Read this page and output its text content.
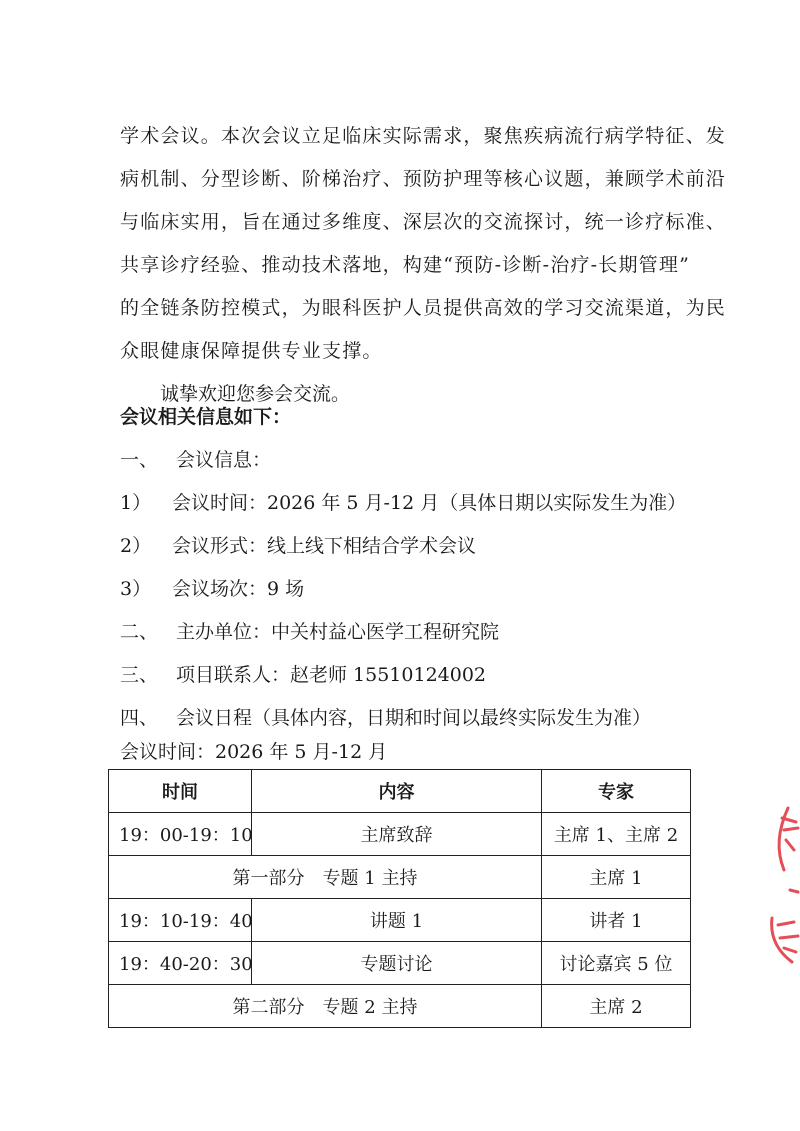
学术会议。本次会议立足临床实际需求，聚焦疾病流行病学特征、发
病机制、分型诊断、阶梯治疗、预防护理等核心议题，兼顾学术前沿
与临床实用，旨在通过多维度、深层次的交流探讨，统一诊疗标准、
共享诊疗经验、推动技术落地，构建“预防-诊断-治疗-长期管理”
的全链条防控模式，为眼科医护人员提供高效的学习交流渠道，为民
众眼健康保障提供专业支撑。
诚挚欢迎您参会交流。
会议相关信息如下：
一、 会议信息：
1） 会议时间：2026 年 5 月-12 月（具体日期以实际发生为准）
2） 会议形式：线上线下相结合学术会议
3） 会议场次：9 场
二、 主办单位：中关村益心医学工程研究院
三、 项目联系人：赵老师 15510124002
四、 会议日程（具体内容，日期和时间以最终实际发生为准）
会议时间：2026 年 5 月-12 月
时间	内容	专家
19：00-19：10	主席致辞	主席 1、主席 2
第一部分　专题 1 主持		主席 1
19：10-19：40	讲题 1	讲者 1
19：40-20：30	专题讨论	讨论嘉宾 5 位
第二部分　专题 2 主持		主席 2
